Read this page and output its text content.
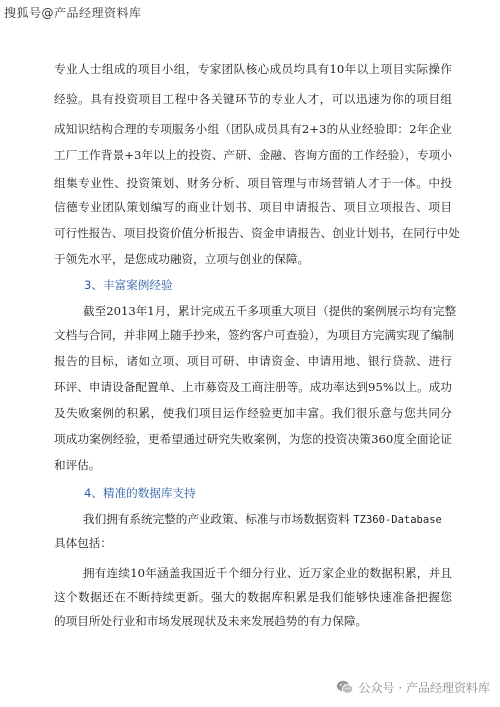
搜狐号@产品经理资料库
专业人士组成的项目小组，专家团队核心成员均具有10年以上项目实际操作
经验。具有投资项目工程中各关键环节的专业人才，可以迅速为你的项目组
成知识结构合理的专项服务小组（团队成员具有2+3的从业经验即：2年企业
工厂工作背景+3年以上的投资、产研、金融、咨询方面的工作经验），专项小
组集专业性、投资策划、财务分析、项目管理与市场营销人才于一体。中投
信德专业团队策划编写的商业计划书、项目申请报告、项目立项报告、项目
可行性报告、项目投资价值分析报告、资金申请报告、创业计划书，在同行中处
于领先水平，是您成功融资，立项与创业的保障。
3、丰富案例经验
截至2013年1月，累计完成五千多项重大项目（提供的案例展示均有完整
文档与合同，并非网上随手抄来，签约客户可查验），为项目方完满实现了编制
报告的目标，诸如立项、项目可研、申请资金、申请用地、银行贷款、进行
环评、申请设备配置单、上市募资及工商注册等。成功率达到95%以上。成功
及失败案例的积累，使我们项目运作经验更加丰富。我们很乐意与您共同分
项成功案例经验，更希望通过研究失败案例，为您的投资决策360度全面论证
和评估。
4、精准的数据库支持
我们拥有系统完整的产业政策、标准与市场数据资料 TZ360-Database
具体包括：
拥有连续10年涵盖我国近千个细分行业、近万家企业的数据积累，并且
这个数据还在不断持续更新。强大的数据库积累是我们能够快速准备把握您
的项目所处行业和市场发展现状及未来发展趋势的有力保障。
公众号 · 产品经理资料库
